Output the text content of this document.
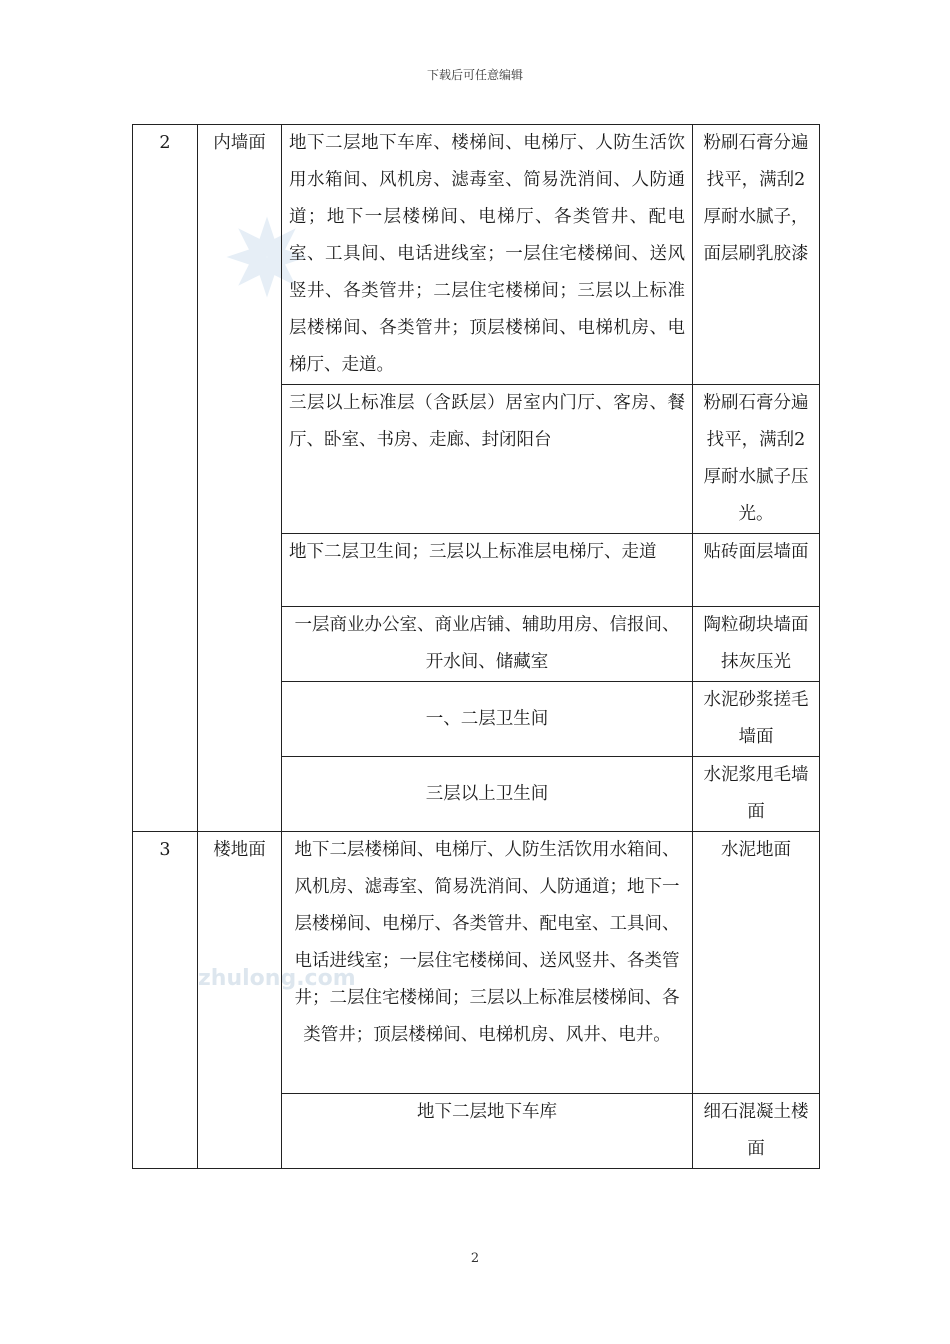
下载后可任意编辑
zhulong.com
2	内墙面	地下二层地下车库、楼梯间、电梯厅、人防生活饮用水箱间、风机房、滤毒室、简易洗消间、人防通道；地下一层楼梯间、电梯厅、各类管井、配电室、工具间、电话进线室；一层住宅楼梯间、送风竖井、各类管井；二层住宅楼梯间；三层以上标准层楼梯间、各类管井；顶层楼梯间、电梯机房、电梯厅、走道。	粉刷石膏分遍找平，满刮2厚耐水腻子，面层刷乳胶漆
		三层以上标准层（含跃层）居室内门厅、客房、餐厅、卧室、书房、走廊、封闭阳台	粉刷石膏分遍找平，满刮2厚耐水腻子压光。
		地下二层卫生间；三层以上标准层电梯厅、走道	贴砖面层墙面
		一层商业办公室、商业店铺、辅助用房、信报间、开水间、储藏室	陶粒砌块墙面抹灰压光
		一、二层卫生间	水泥砂浆搓毛墙面
		三层以上卫生间	水泥浆甩毛墙面
3	楼地面	地下二层楼梯间、电梯厅、人防生活饮用水箱间、风机房、滤毒室、简易洗消间、人防通道；地下一层楼梯间、电梯厅、各类管井、配电室、工具间、电话进线室；一层住宅楼梯间、送风竖井、各类管井；二层住宅楼梯间；三层以上标准层楼梯间、各类管井；顶层楼梯间、电梯机房、风井、电井。	水泥地面
		地下二层地下车库	细石混凝土楼面
2
